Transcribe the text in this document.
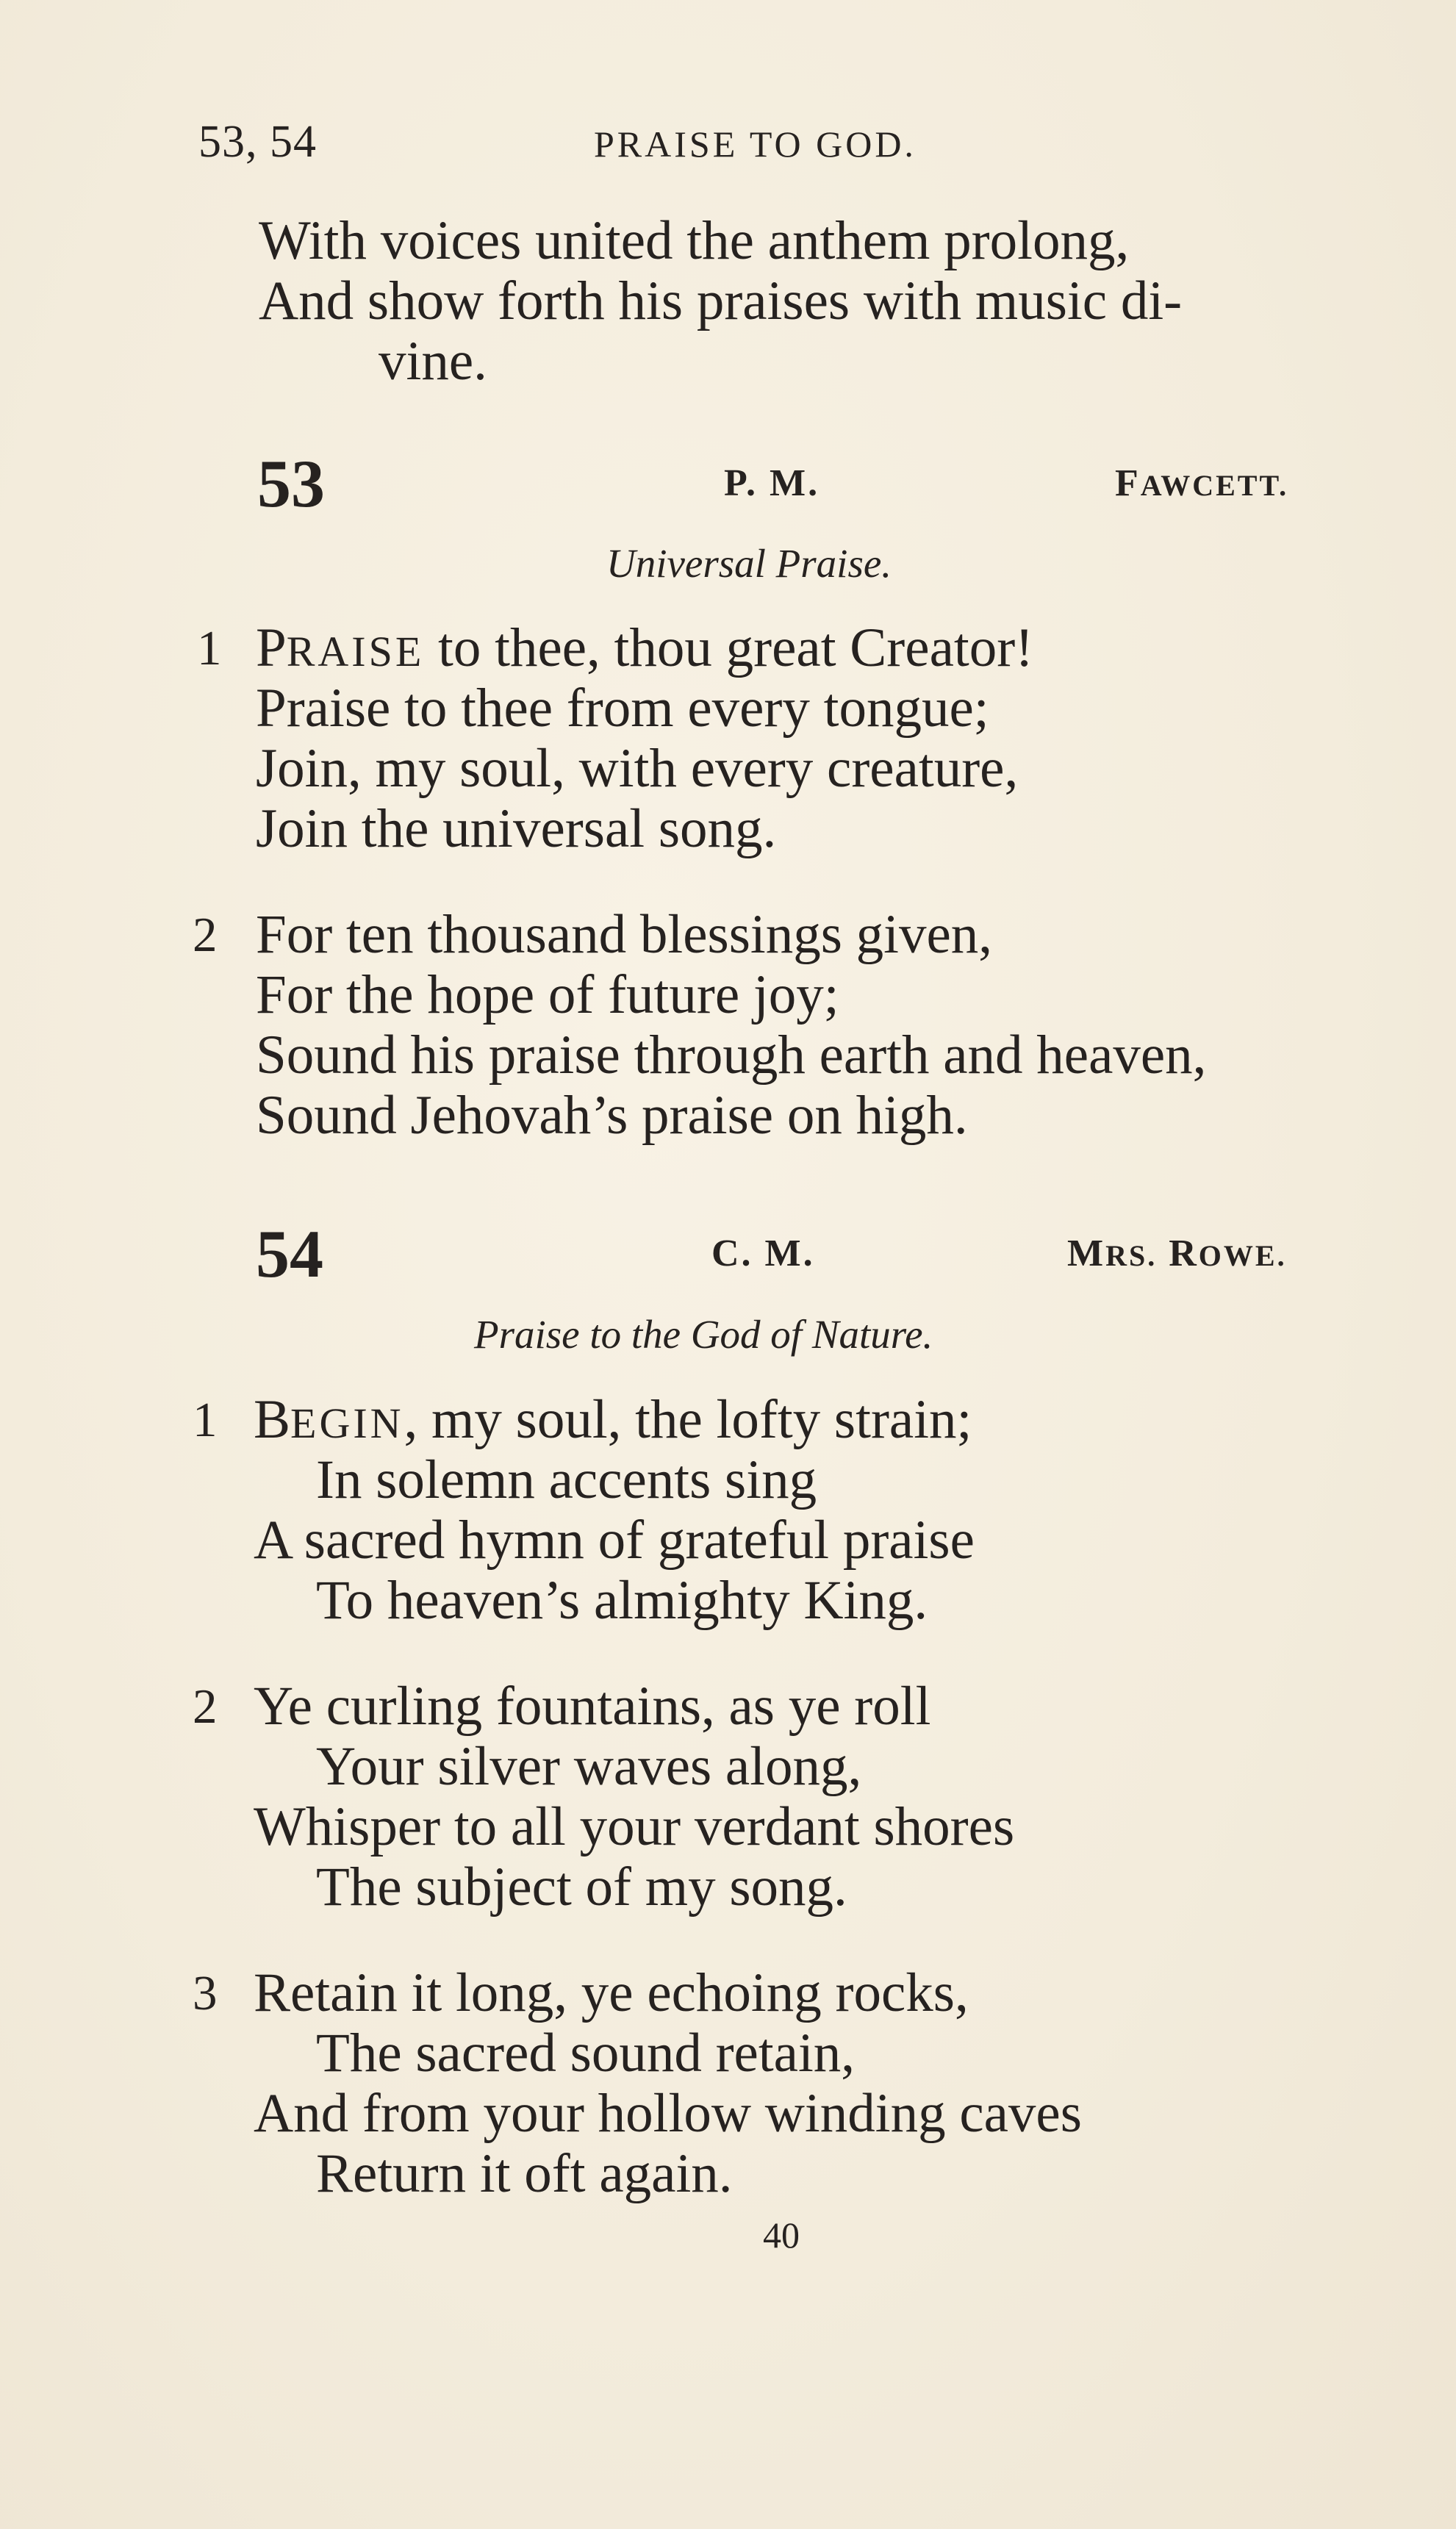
53, 54	PRAISE TO GOD.
With voices united the anthem prolong,
And show forth his praises with music di-
vine.
53	P. M.	FAWCETT.
Universal Praise.
1 PRAISE to thee, thou great Creator!
Praise to thee from every tongue;
Join, my soul, with every creature,
Join the universal song.
2 For ten thousand blessings given,
For the hope of future joy;
Sound his praise through earth and heaven,
Sound Jehovah’s praise on high.
54	C. M.	MRS. ROWE.
Praise to the God of Nature.
1 BEGIN, my soul, the lofty strain;
In solemn accents sing
A sacred hymn of grateful praise
To heaven’s almighty King.
2 Ye curling fountains, as ye roll
Your silver waves along,
Whisper to all your verdant shores
The subject of my song.
3 Retain it long, ye echoing rocks,
The sacred sound retain,
And from your hollow winding caves
Return it oft again.
40
